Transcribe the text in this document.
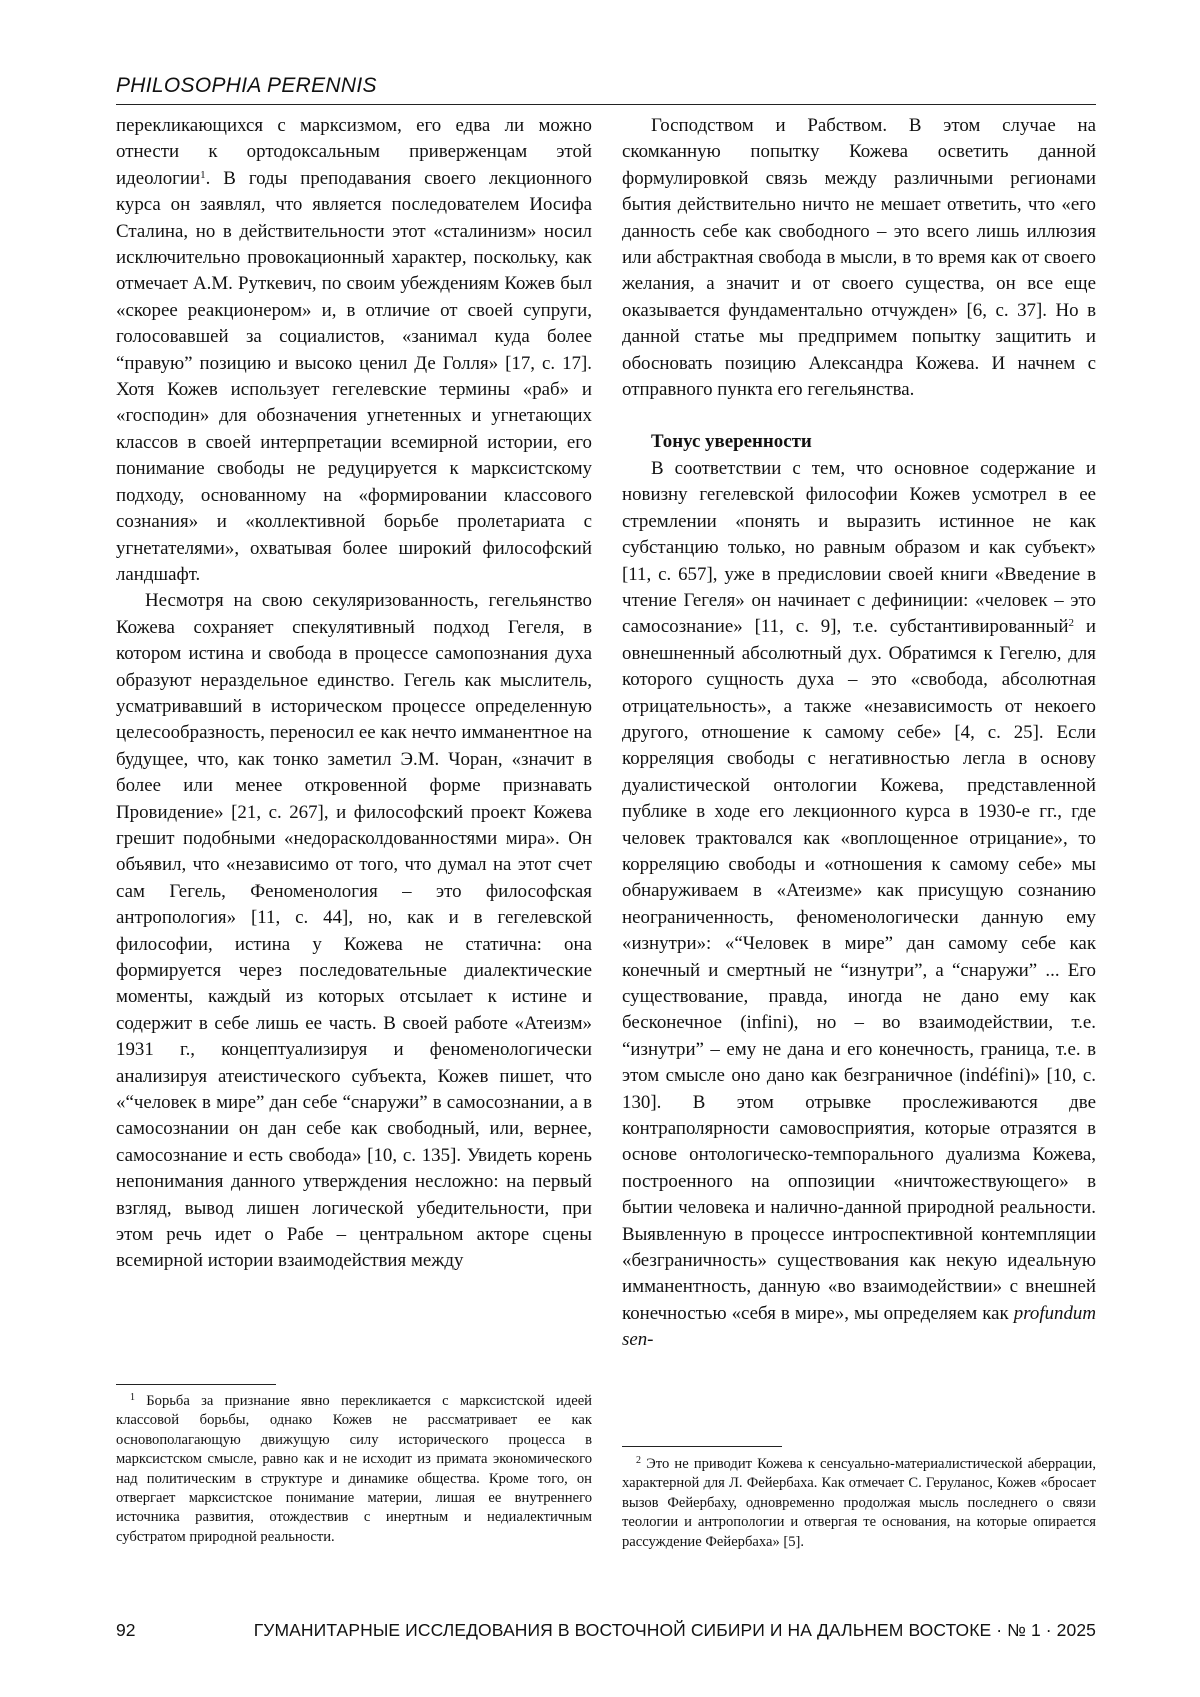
PHILOSOPHIA PERENNIS

перекликающихся с марксизмом, его едва ли можно отнести к ортодоксальным приверженцам этой идеологии$^1$. В годы преподавания своего лекционного курса он заявлял, что является последователем Иосифа Сталина, но в действительности этот «сталинизм» носил исключительно провокационный характер, поскольку, как отмечает А.М. Руткевич, по своим убеждениям Кожев был «скорее реакционером» и, в отличие от своей супруги, голосовавшей за социалистов, «занимал куда более “правую” позицию и высоко ценил Де Голля» [17, с. 17]. Хотя Кожев использует гегелевские термины «раб» и «господин» для обозначения угнетенных и угнетающих классов в своей интерпретации всемирной истории, его понимание свободы не редуцируется к марксистскому подходу, основанному на «формировании классового сознания» и «коллективной борьбе пролетариата с угнетателями», охватывая более широкий философский ландшафт.

Несмотря на свою секуляризованность, гегельянство Кожева сохраняет спекулятивный подход Гегеля, в котором истина и свобода в процессе самопознания духа образуют нераздельное единство. Гегель как мыслитель, усматривавший в историческом процессе определенную целесообразность, переносил ее как нечто имманентное на будущее, что, как тонко заметил Э.М. Чоран, «значит в более или менее откровенной форме признавать Провидение» [21, с. 267], и философский проект Кожева грешит подобными «недорасколдованностями мира». Он объявил, что «независимо от того, что думал на этот счет сам Гегель, Феноменология – это философская антропология» [11, с. 44], но, как и в гегелевской философии, истина у Кожева не статична: она формируется через последовательные диалектические моменты, каждый из которых отсылает к истине и содержит в себе лишь ее часть. В своей работе «Атеизм» 1931 г., концептуализируя и феноменологически анализируя атеистического субъекта, Кожев пишет, что «“человек в мире” дан себе “снаружи” в самосознании, а в самосознании он дан себе как свободный, или, вернее, самосознание и есть свобода» [10, с. 135]. Увидеть корень непонимания данного утверждения несложно: на первый взгляд, вывод лишен логической убедительности, при этом речь идет о Рабе – центральном акторе сцены всемирной истории взаимодействия между

Господством и Рабством. В этом случае на скомканную попытку Кожева осветить данной формулировкой связь между различными регионами бытия действительно ничто не мешает ответить, что «его данность себе как свободного – это всего лишь иллюзия или абстрактная свобода в мысли, в то время как от своего желания, а значит и от своего существа, он все еще оказывается фундаментально отчужден» [6, с. 37]. Но в данной статье мы предпримем попытку защитить и обосновать позицию Александра Кожева. И начнем с отправного пункта его гегельянства.

Тонус уверенности

В соответствии с тем, что основное содержание и новизну гегелевской философии Кожев усмотрел в ее стремлении «понять и выразить истинное не как субстанцию только, но равным образом и как субъект» [11, с. 657], уже в предисловии своей книги «Введение в чтение Гегеля» он начинает с дефиниции: «человек – это самосознание» [11, с. 9], т.е. субстантивированный$^2$ и овнешненный абсолютный дух. Обратимся к Гегелю, для которого сущность духа – это «свобода, абсолютная отрицательность», а также «независимость от некоего другого, отношение к самому себе» [4, с. 25]. Если корреляция свободы с негативностью легла в основу дуалистической онтологии Кожева, представленной публике в ходе его лекционного курса в 1930-е гг., где человек трактовался как «воплощенное отрицание», то корреляцию свободы и «отношения к самому себе» мы обнаруживаем в «Атеизме» как присущую сознанию неограниченность, феноменологически данную ему «изнутри»: «“Человек в мире” дан самому себе как конечный и смертный не “изнутри”, а “снаружи” ... Его существование, правда, иногда не дано ему как бесконечное (infini), но – во взаимодействии, т.е. “изнутри” – ему не дана и его конечность, граница, т.е. в этом смысле оно дано как безграничное (indéfini)» [10, с. 130]. В этом отрывке прослеживаются две контраполярности самовосприятия, которые отразятся в основе онтологическо-темпорального дуализма Кожева, построенного на оппозиции «ничтожествующего» в бытии человека и налично-данной природной реальности. Выявленную в процессе интроспективной контемпляции «безграничность» существования как некую идеальную имманентность, данную «во взаимодействии» с внешней конечностью «себя в мире», мы определяем как profundum sen-

$^1$ Борьба за признание явно перекликается с марксистской идеей классовой борьбы, однако Кожев не рассматривает ее как основополагающую движущую силу исторического процесса в марксистском смысле, равно как и не исходит из примата экономического над политическим в структуре и динамике общества. Кроме того, он отвергает марксистское понимание материи, лишая ее внутреннего источника развития, отождествив с инертным и недиалектичным субстратом природной реальности.

$^2$ Это не приводит Кожева к сенсуально-материалистической аберрации, характерной для Л. Фейербаха. Как отмечает С. Геруланос, Кожев «бросает вызов Фейербаху, одновременно продолжая мысль последнего о связи теологии и антропологии и отвергая те основания, на которые опирается рассуждение Фейербаха» [5].

92	ГУМАНИТАРНЫЕ ИССЛЕДОВАНИЯ В ВОСТОЧНОЙ СИБИРИ И НА ДАЛЬНЕМ ВОСТОКЕ · № 1 · 2025
